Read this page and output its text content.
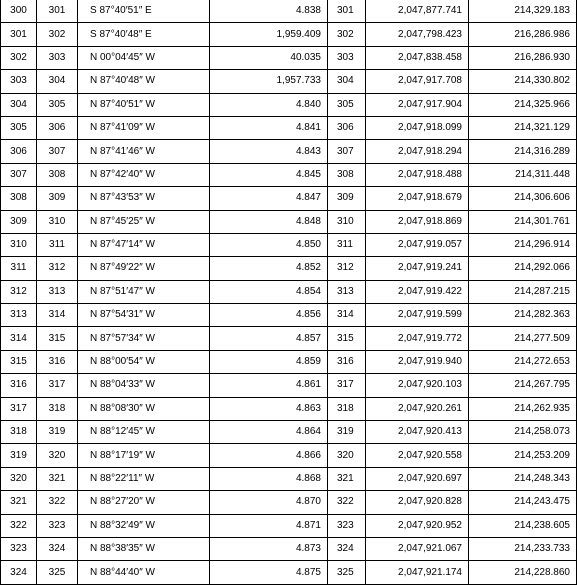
300	301	S 87°40′51″ E	4.838	301	2,047,877.741	214,329.183
301	302	S 87°40′48″ E	1,959.409	302	2,047,798.423	216,286.986
302	303	N 00°04′45″ W	40.035	303	2,047,838.458	216,286.930
303	304	N 87°40′48″ W	1,957.733	304	2,047,917.708	214,330.802
304	305	N 87°40′51″ W	4.840	305	2,047,917.904	214,325.966
305	306	N 87°41′09″ W	4.841	306	2,047,918.099	214,321.129
306	307	N 87°41′46″ W	4.843	307	2,047,918.294	214,316.289
307	308	N 87°42′40″ W	4.845	308	2,047,918.488	214,311.448
308	309	N 87°43′53″ W	4.847	309	2,047,918.679	214,306.606
309	310	N 87°45′25″ W	4.848	310	2,047,918.869	214,301.761
310	311	N 87°47′14″ W	4.850	311	2,047,919.057	214,296.914
311	312	N 87°49′22″ W	4.852	312	2,047,919.241	214,292.066
312	313	N 87°51′47″ W	4.854	313	2,047,919.422	214,287.215
313	314	N 87°54′31″ W	4.856	314	2,047,919.599	214,282.363
314	315	N 87°57′34″ W	4.857	315	2,047,919.772	214,277.509
315	316	N 88°00′54″ W	4.859	316	2,047,919.940	214,272.653
316	317	N 88°04′33″ W	4.861	317	2,047,920.103	214,267.795
317	318	N 88°08′30″ W	4.863	318	2,047,920.261	214,262.935
318	319	N 88°12′45″ W	4.864	319	2,047,920.413	214,258.073
319	320	N 88°17′19″ W	4.866	320	2,047,920.558	214,253.209
320	321	N 88°22′11″ W	4.868	321	2,047,920.697	214,248.343
321	322	N 88°27′20″ W	4.870	322	2,047,920.828	214,243.475
322	323	N 88°32′49″ W	4.871	323	2,047,920.952	214,238.605
323	324	N 88°38′35″ W	4.873	324	2,047,921.067	214,233.733
324	325	N 88°44′40″ W	4.875	325	2,047,921.174	214,228.860
